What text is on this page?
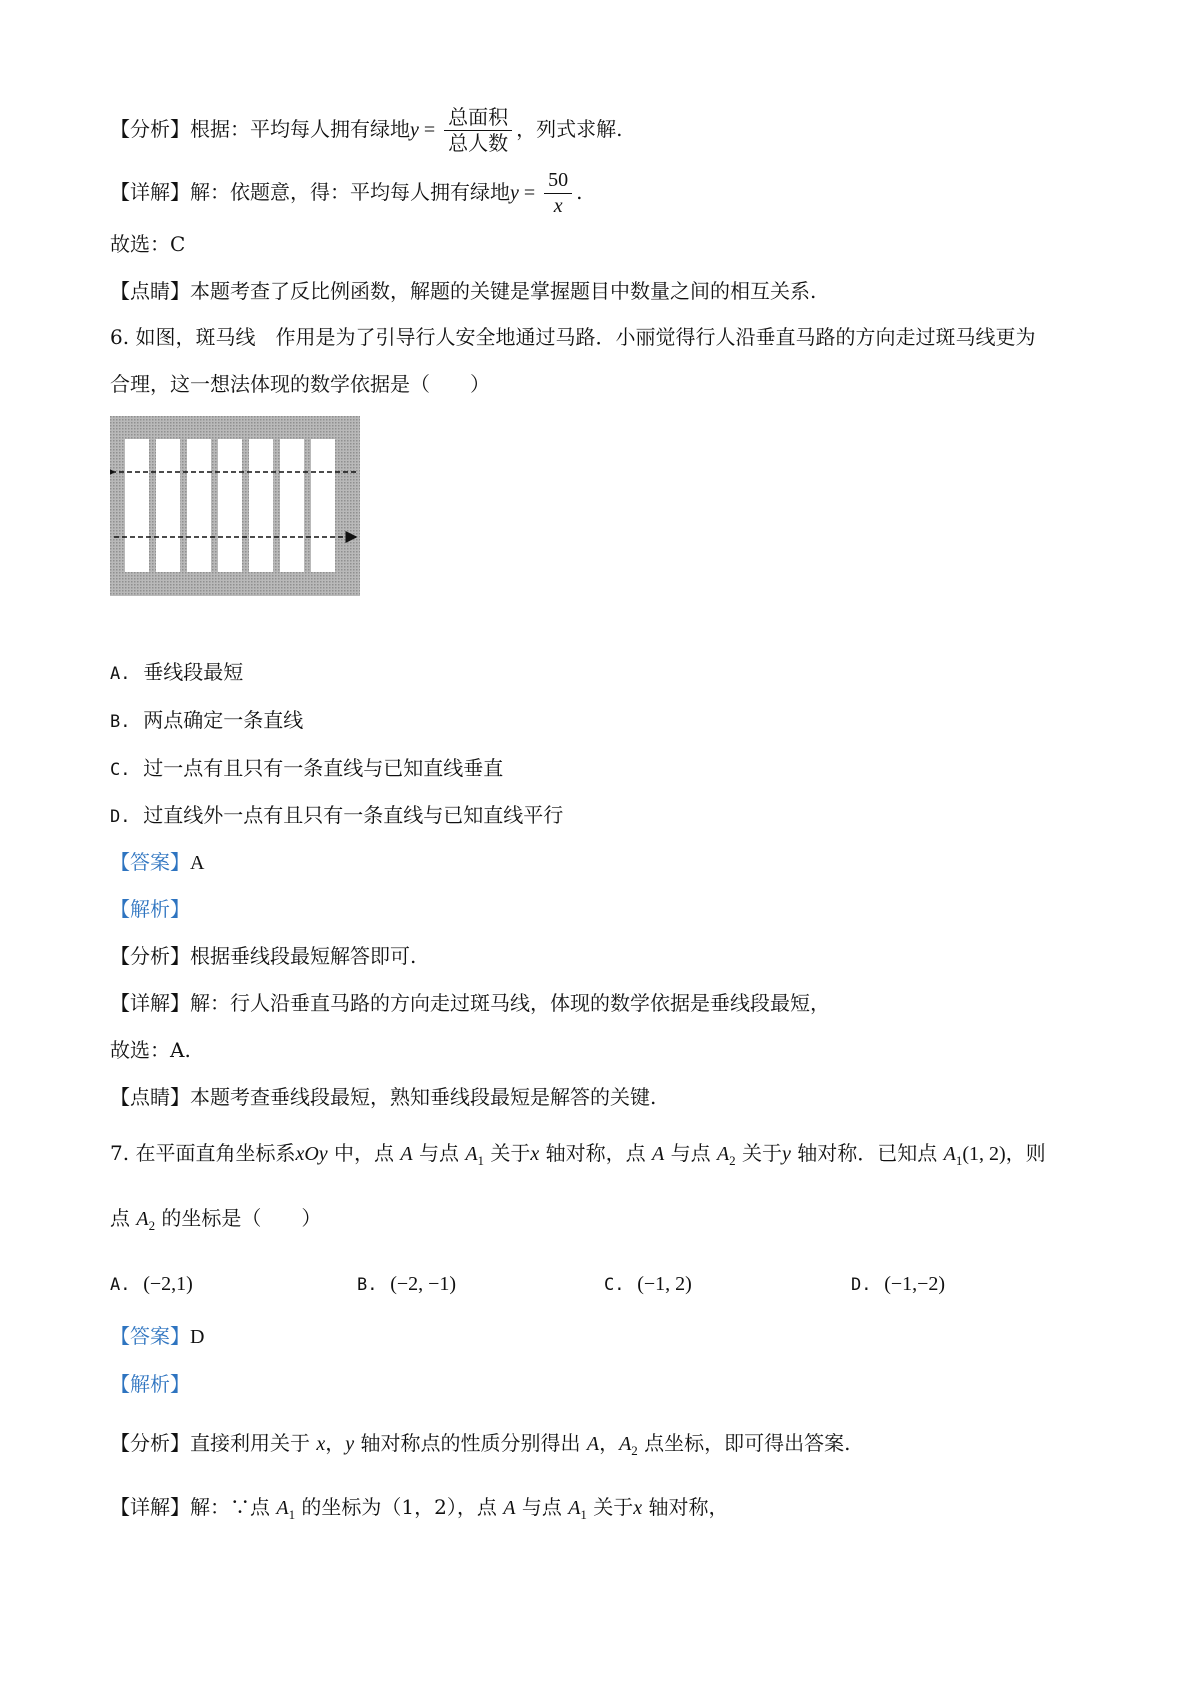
【分析】根据：平均每人拥有绿地$y = \frac{\text{总面积}}{\text{总人数}}$ ，列式求解.
【详解】解：依题意，得：平均每人拥有绿地$y = \frac{50}{x}$ .
故选：C
【点睛】本题考查了反比例函数，解题的关键是掌握题目中数量之间的相互关系.
6. 如图，斑马线　作用是为了引导行人安全地通过马路．小丽觉得行人沿垂直马路的方向走过斑马线更为
合理，这一想法体现的数学依据是（　　）
A. 垂线段最短
B. 两点确定一条直线
C. 过一点有且只有一条直线与已知直线垂直
D. 过直线外一点有且只有一条直线与已知直线平行
【答案】A
【解析】
【分析】根据垂线段最短解答即可.
【详解】解：行人沿垂直马路的方向走过斑马线，体现的数学依据是垂线段最短，
故选：A.
【点睛】本题考查垂线段最短，熟知垂线段最短是解答的关键.
7. 在平面直角坐标系xOy 中，点 A 与点 $A_1$ 关于x 轴对称，点 A 与点 $A_2$ 关于y 轴对称．已知点 $A_1(1$, 2)，则
点 $A_2$ 的坐标是（　　）
A. (−2,1)	B. (−2, −1)	C. (−1, 2)	D. (−1,−2)
【答案】D
【解析】
【分析】直接利用关于 x，y 轴对称点的性质分别得出 A，$A_2$ 点坐标，即可得出答案.
【详解】解：∵点 $A_1$ 的坐标为（1，2），点 A 与点 $A_1$ 关于x 轴对称，
